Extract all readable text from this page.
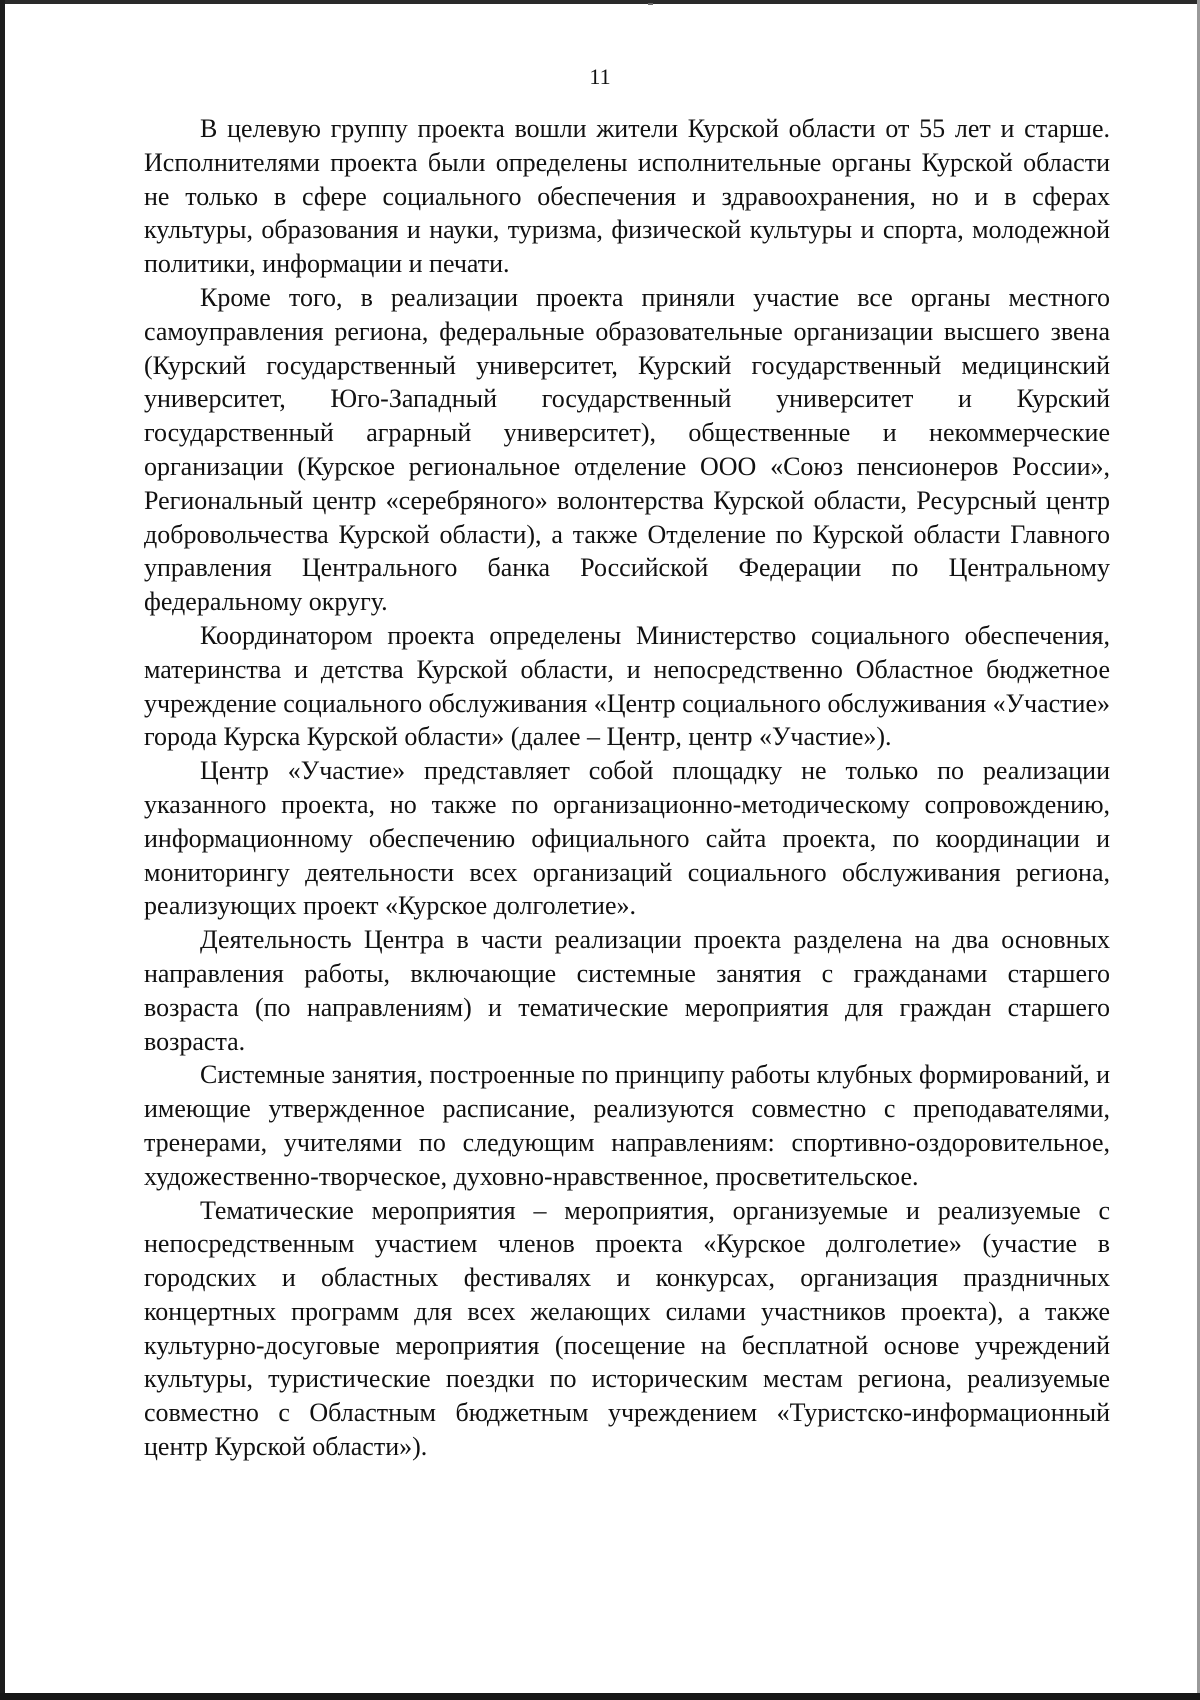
11

В целевую группу проекта вошли жители Курской области от 55 лет и старше. Исполнителями проекта были определены исполнительные органы Курской области не только в сфере социального обеспечения и здравоохранения, но и в сферах культуры, образования и науки, туризма, физической культуры и спорта, молодежной политики, информации и печати.

Кроме того, в реализации проекта приняли участие все органы местного самоуправления региона, федеральные образовательные организации высшего звена (Курский государственный университет, Курский государственный медицинский университет, Юго-Западный государственный университет и Курский государственный аграрный университет), общественные и некоммерческие организации (Курское региональное отделение ООО «Союз пенсионеров России», Региональный центр «серебряного» волонтерства Курской области, Ресурсный центр добровольчества Курской области), а также Отделение по Курской области Главного управления Центрального банка Российской Федерации по Центральному федеральному округу.

Координатором проекта определены Министерство социального обеспечения, материнства и детства Курской области, и непосредственно Областное бюджетное учреждение социального обслуживания «Центр социального обслуживания «Участие» города Курска Курской области» (далее – Центр, центр «Участие»).

Центр «Участие» представляет собой площадку не только по реализации указанного проекта, но также по организационно-методическому сопровождению, информационному обеспечению официального сайта проекта, по координации и мониторингу деятельности всех организаций социального обслуживания региона, реализующих проект «Курское долголетие».

Деятельность Центра в части реализации проекта разделена на два основных направления работы, включающие системные занятия с гражданами старшего возраста (по направлениям) и тематические мероприятия для граждан старшего возраста.

Системные занятия, построенные по принципу работы клубных формирований, и имеющие утвержденное расписание, реализуются совместно с преподавателями, тренерами, учителями по следующим направлениям: спортивно-оздоровительное, художественно-творческое, духовно-нравственное, просветительское.

Тематические мероприятия – мероприятия, организуемые и реализуемые с непосредственным участием членов проекта «Курское долголетие» (участие в городских и областных фестивалях и конкурсах, организация праздничных концертных программ для всех желающих силами участников проекта), а также культурно-досуговые мероприятия (посещение на бесплатной основе учреждений культуры, туристические поездки по историческим местам региона, реализуемые совместно с Областным бюджетным учреждением «Туристско-информационный центр Курской области»).
